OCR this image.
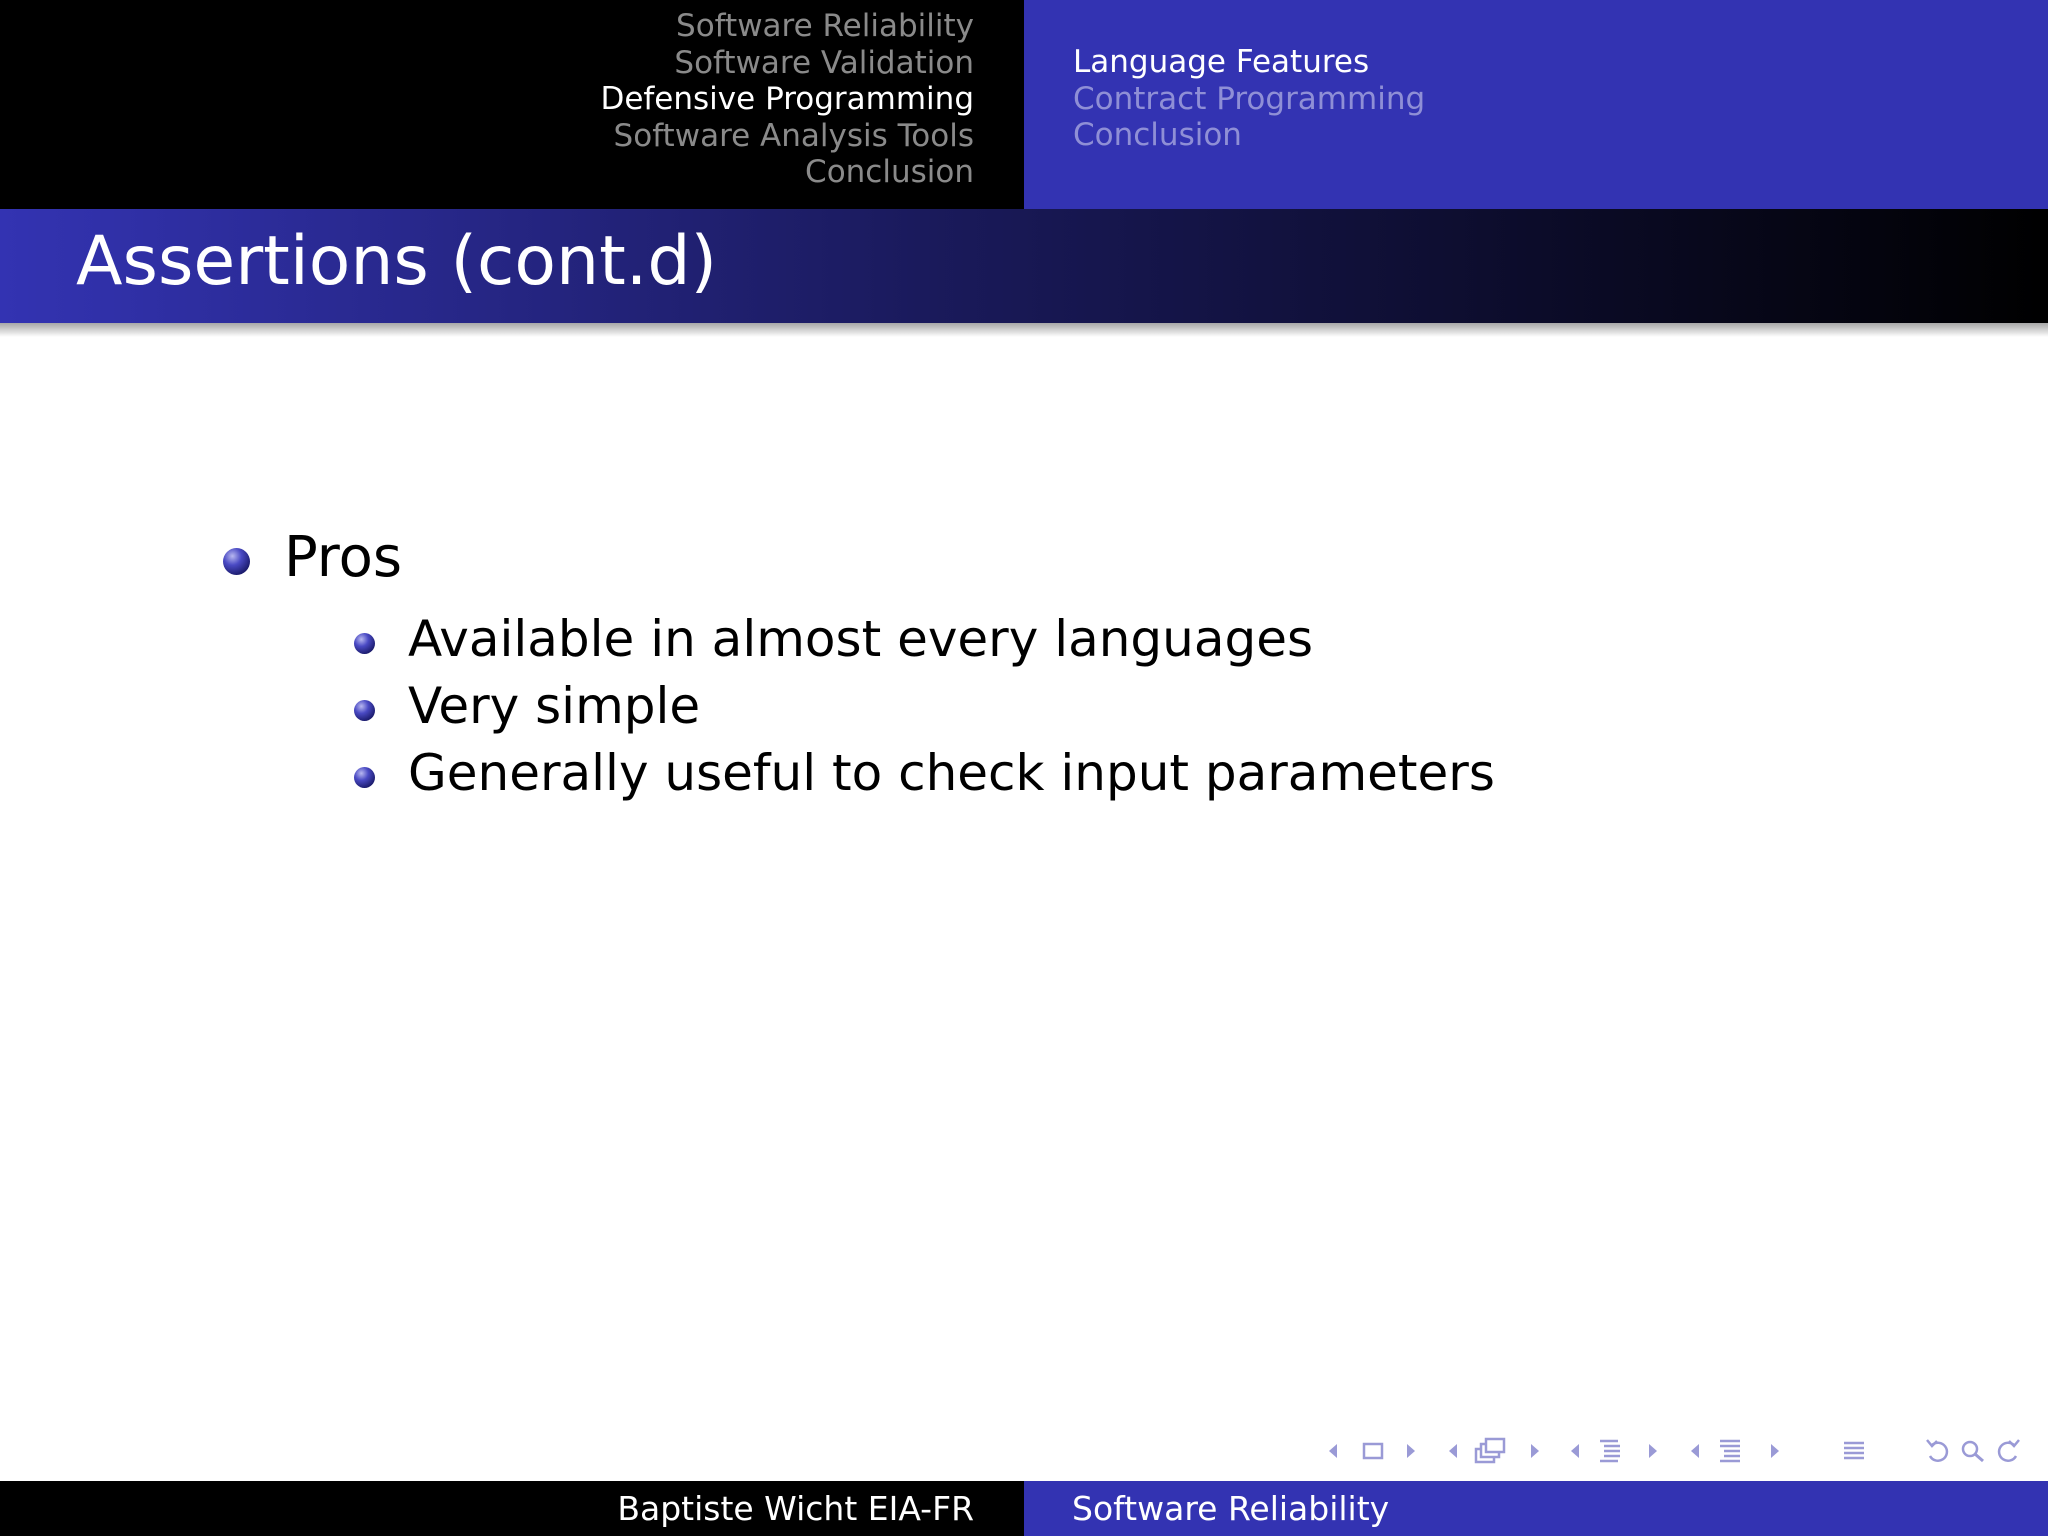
Software Reliability
Software Validation
Defensive Programming
Software Analysis Tools
Conclusion
Language Features
Contract Programming
Conclusion
Assertions (cont.d)
Pros
Available in almost every languages
Very simple
Generally useful to check input parameters
Baptiste Wicht EIA-FR	Software Reliability
